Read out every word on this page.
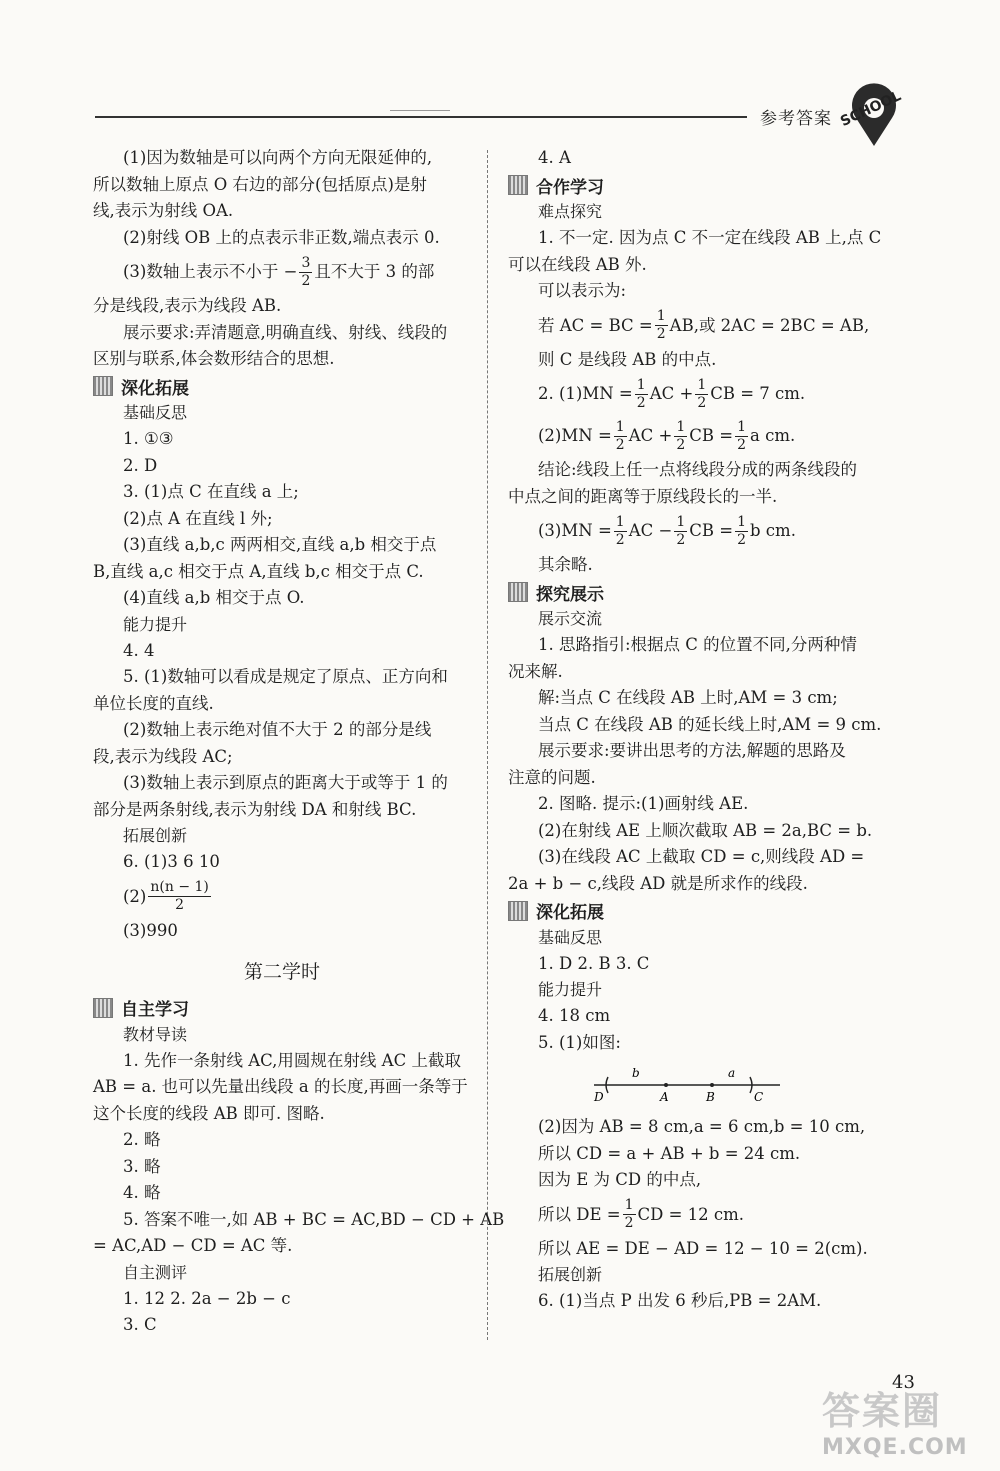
参考答案 SCHOOL
(1)因为数轴是可以向两个方向无限延伸的,
所以数轴上原点 O 右边的部分(包括原点)是射
线,表示为射线 OA.
(2)射线 OB 上的点表示非正数,端点表示 0.
(3)数轴上表示不小于 − $\frac{3}{2}$ 且不大于 3 的部
分是线段,表示为线段 AB.
展示要求:弄清题意,明确直线、射线、线段的
区别与联系,体会数形结合的思想.
深化拓展
基础反思
1. ①③
2. D
3. (1)点 C 在直线 a 上;
(2)点 A 在直线 l 外;
(3)直线 a,b,c 两两相交,直线 a,b 相交于点
B,直线 a,c 相交于点 A,直线 b,c 相交于点 C.
(4)直线 a,b 相交于点 O.
能力提升
4. 4
5. (1)数轴可以看成是规定了原点、正方向和
单位长度的直线.
(2)数轴上表示绝对值不大于 2 的部分是线
段,表示为线段 AC;
(3)数轴上表示到原点的距离大于或等于 1 的
部分是两条射线,表示为射线 DA 和射线 BC.
拓展创新
6. (1)3 6 10
$(2) \frac{n(n - 1)}{2}$
(3)990
第二学时
自主学习
教材导读
1. 先作一条射线 AC,用圆规在射线 AC 上截取
AB = a. 也可以先量出线段 a 的长度,再画一条等于
这个长度的线段 AB 即可. 图略.
2. 略
3. 略
4. 略
5. 答案不唯一,如 AB + BC = AC,BD − CD + AB
= AC,AD − CD = AC 等.
自主测评
1. 12 2. 2a − 2b − c
3. C
4. A
合作学习
难点探究
1. 不一定. 因为点 C 不一定在线段 AB 上,点 C
可以在线段 AB 外.
可以表示为:
若 AC = BC = $\frac{1}{2}$ AB,或 2AC = 2BC = AB,
则 C 是线段 AB 的中点.
2. $(1)MN = \frac{1}{2}$ AC + $\frac{1}{2}$ CB = 7 cm.
$(2)MN = \frac{1}{2}$ AC + $\frac{1}{2}$ CB = $\frac{1}{2}$ a cm.
结论:线段上任一点将线段分成的两条线段的
中点之间的距离等于原线段长的一半.
$(3)MN = \frac{1}{2}$ AC − $\frac{1}{2}$ CB = $\frac{1}{2}$ b cm.
其余略.
探究展示
展示交流
1. 思路指引:根据点 C 的位置不同,分两种情
况来解.
解:当点 C 在线段 AB 上时,AM = 3 cm;
当点 C 在线段 AB 的延长线上时,AM = 9 cm.
展示要求:要讲出思考的方法,解题的思路及
注意的问题.
2. 图略. 提示:(1)画射线 AE.
(2)在射线 AE 上顺次截取 AB = 2a,BC = b.
(3)在线段 AC 上截取 CD = c,则线段 AD =
2a + b − c,线段 AD 就是所求作的线段.
深化拓展
基础反思
1. D 2. B 3. C
能力提升
4. 18 cm
5. (1)如图:
b	a
D	A	B	C
(2)因为 AB = 8 cm,a = 6 cm,b = 10 cm,
所以 CD = a + AB + b = 24 cm.
因为 E 为 CD 的中点,
所以 DE = $\frac{1}{2}$ CD = 12 cm.
所以 AE = DE − AD = 12 − 10 = 2(cm).
拓展创新
6. (1)当点 P 出发 6 秒后,PB = 2AM.
43
答案圈
MXQE.COM
